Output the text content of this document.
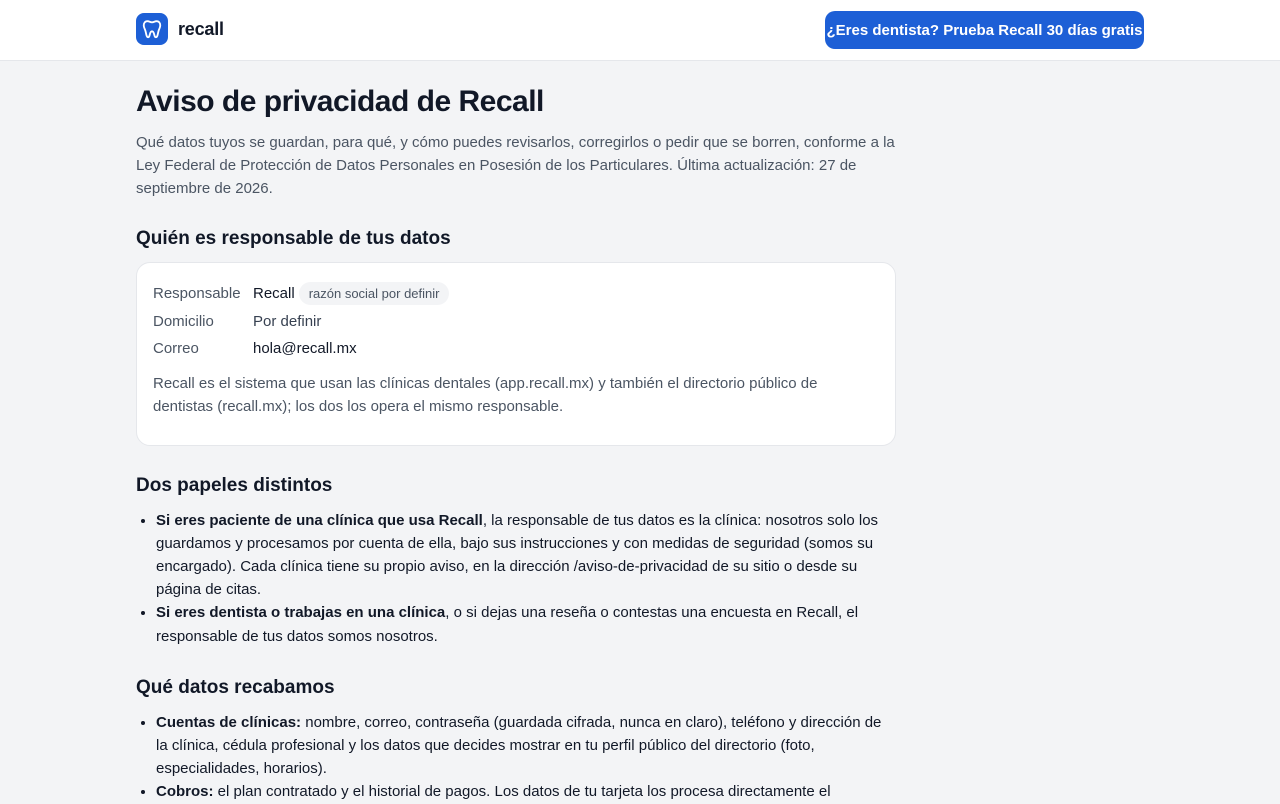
recall	¿Eres dentista? Prueba Recall 30 días gratis
Aviso de privacidad de Recall

Qué datos tuyos se guardan, para qué, y cómo puedes revisarlos, corregirlos o pedir que se borren, conforme a la Ley Federal de Protección de Datos Personales en Posesión de los Particulares. Última actualización: 27 de septiembre de 2026.

Quién es responsable de tus datos
Responsable Recall	razón social por definir
Domicilio	Por definir
Correo	hola@recall.mx

Recall es el sistema que usan las clínicas dentales (app.recall.mx) y también el directorio público de dentistas (recall.mx); los dos los opera el mismo responsable.

Dos papeles distintos
• Si eres paciente de una clínica que usa Recall, la responsable de tus datos es la clínica: nosotros solo los guardamos y procesamos por cuenta de ella, bajo sus instrucciones y con medidas de seguridad (somos su encargado). Cada clínica tiene su propio aviso, en la dirección /aviso-de-privacidad de su sitio o desde su página de citas.
• Si eres dentista o trabajas en una clínica, o si dejas una reseña o contestas una encuesta en Recall, el responsable de tus datos somos nosotros.
Qué datos recabamos
• Cuentas de clínicas: nombre, correo, contraseña (guardada cifrada, nunca en claro), teléfono y dirección de la clínica, cédula profesional y los datos que decides mostrar en tu perfil público del directorio (foto, especialidades, horarios).
• Cobros: el plan contratado y el historial de pagos. Los datos de tu tarjeta los procesa directamente el
